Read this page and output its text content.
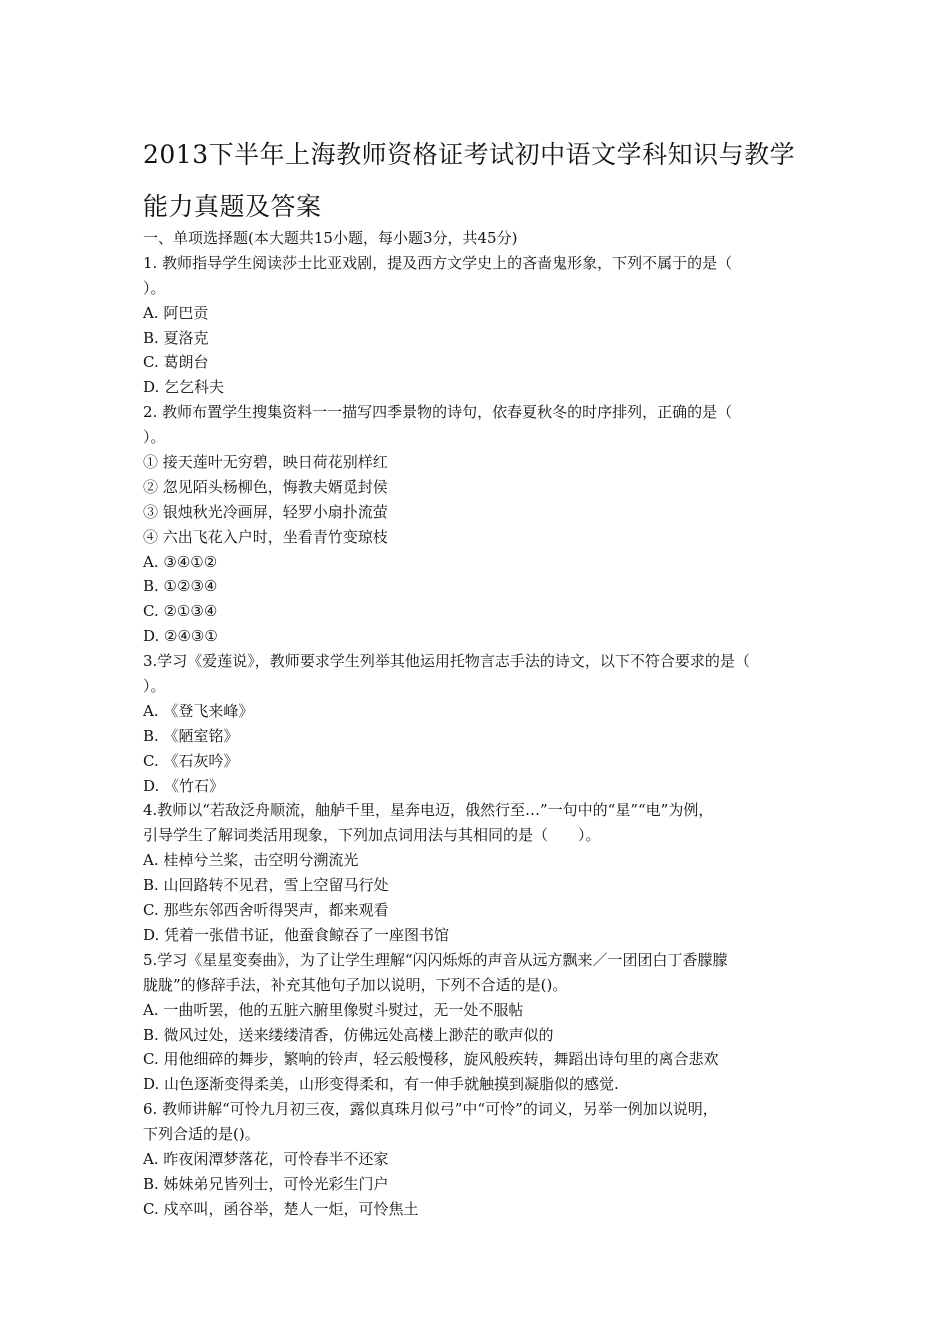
2013下半年上海教师资格证考试初中语文学科知识与教学
能力真题及答案
一、单项选择题(本大题共15小题，每小题3分，共45分)
1. 教师指导学生阅读莎士比亚戏剧，提及西方文学史上的吝啬鬼形象，下列不属于的是（
）。
A. 阿巴贡
B. 夏洛克
C. 葛朗台
D. 乞乞科夫
2. 教师布置学生搜集资料一一描写四季景物的诗句，依春夏秋冬的时序排列，正确的是（
）。
① 接天莲叶无穷碧，映日荷花别样红
② 忽见陌头杨柳色，悔教夫婿觅封侯
③ 银烛秋光冷画屏，轻罗小扇扑流萤
④ 六出飞花入户时，坐看青竹变琼枝
A. ③④①②
B. ①②③④
C. ②①③④
D. ②④③①
3.学习《爱莲说》，教师要求学生列举其他运用托物言志手法的诗文，以下不符合要求的是（
）。
A. 《登飞来峰》
B. 《陋室铭》
C. 《石灰吟》
D. 《竹石》
4.教师以“若敌泛舟顺流，舳舻千里，星奔电迈，俄然行至…”一句中的“星”“电”为例，
引导学生了解词类活用现象，下列加点词用法与其相同的是（　　）。
A. 桂棹兮兰桨，击空明兮溯流光
B. 山回路转不见君，雪上空留马行处
C. 那些东邻西舍听得哭声，都来观看
D. 凭着一张借书证，他蚕食鲸吞了一座图书馆
5.学习《星星变奏曲》，为了让学生理解“闪闪烁烁的声音从远方飘来／一团团白丁香朦朦
胧胧”的修辞手法，补充其他句子加以说明，下列不合适的是()。
A. 一曲听罢，他的五脏六腑里像熨斗熨过，无一处不服帖
B. 微风过处，送来缕缕清香，仿佛远处高楼上渺茫的歌声似的
C. 用他细碎的舞步，繁响的铃声，轻云般慢移，旋风般疾转，舞蹈出诗句里的离合悲欢
D. 山色逐渐变得柔美，山形变得柔和，有一伸手就触摸到凝脂似的感觉.
6. 教师讲解“可怜九月初三夜，露似真珠月似弓”中“可怜”的词义，另举一例加以说明，
下列合适的是()。
A. 昨夜闲潭梦落花，可怜春半不还家
B. 姊妹弟兄皆列士，可怜光彩生门户
C. 戍卒叫，函谷举，楚人一炬，可怜焦土
